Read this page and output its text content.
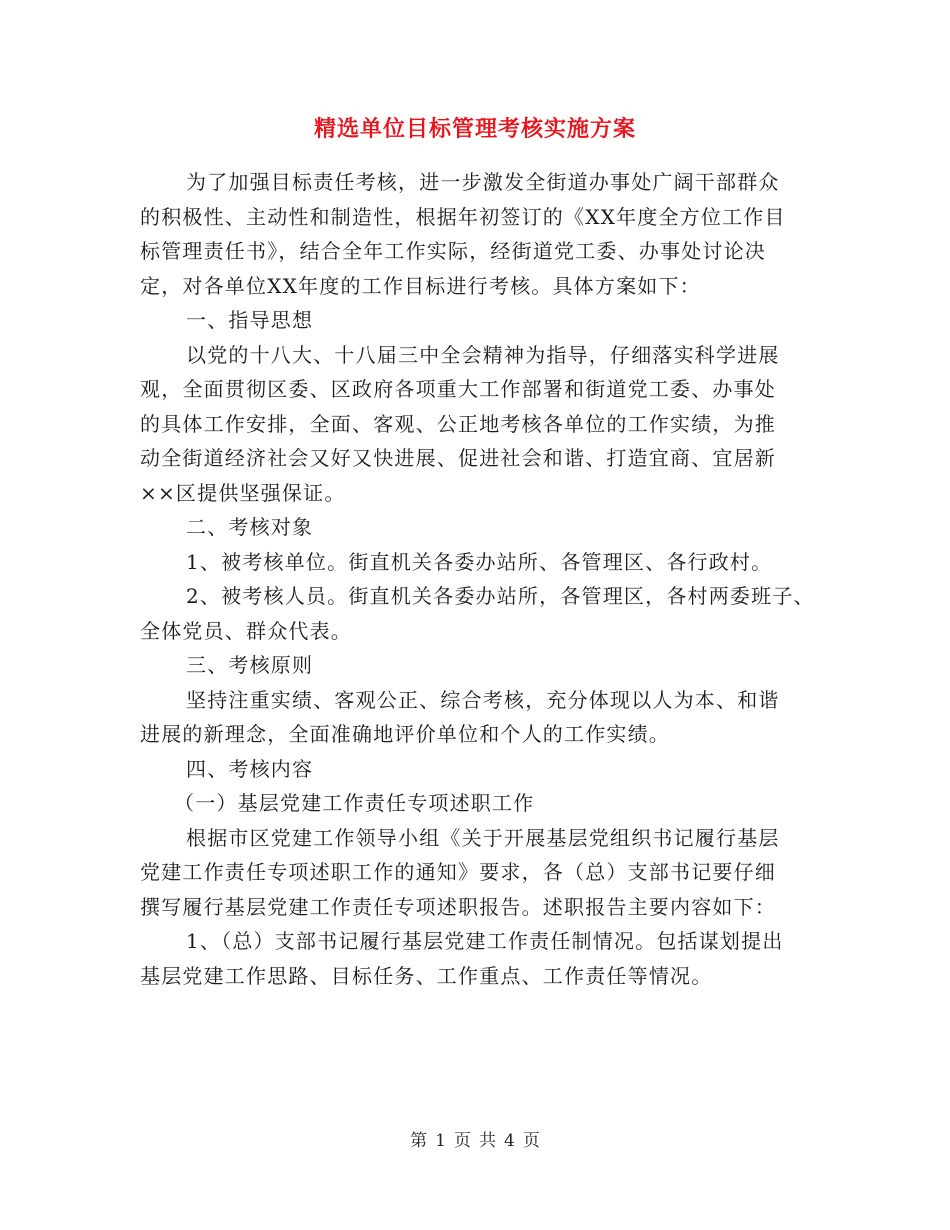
精选单位目标管理考核实施方案
为了加强目标责任考核，进一步激发全街道办事处广阔干部群众
的积极性、主动性和制造性，根据年初签订的《XX年度全方位工作目
标管理责任书》，结合全年工作实际，经街道党工委、办事处讨论决
定，对各单位XX年度的工作目标进行考核。具体方案如下：
一、指导思想
以党的十八大、十八届三中全会精神为指导，仔细落实科学进展
观，全面贯彻区委、区政府各项重大工作部署和街道党工委、办事处
的具体工作安排，全面、客观、公正地考核各单位的工作实绩，为推
动全街道经济社会又好又快进展、促进社会和谐、打造宜商、宜居新
××区提供坚强保证。
二、考核对象
1、被考核单位。街直机关各委办站所、各管理区、各行政村。
2、被考核人员。街直机关各委办站所，各管理区，各村两委班子、
全体党员、群众代表。
三、考核原则
坚持注重实绩、客观公正、综合考核，充分体现以人为本、和谐
进展的新理念，全面准确地评价单位和个人的工作实绩。
四、考核内容
（一）基层党建工作责任专项述职工作
根据市区党建工作领导小组《关于开展基层党组织书记履行基层
党建工作责任专项述职工作的通知》要求，各（总）支部书记要仔细
撰写履行基层党建工作责任专项述职报告。述职报告主要内容如下：
1、（总）支部书记履行基层党建工作责任制情况。包括谋划提出
基层党建工作思路、目标任务、工作重点、工作责任等情况。
第 1 页 共 4 页
